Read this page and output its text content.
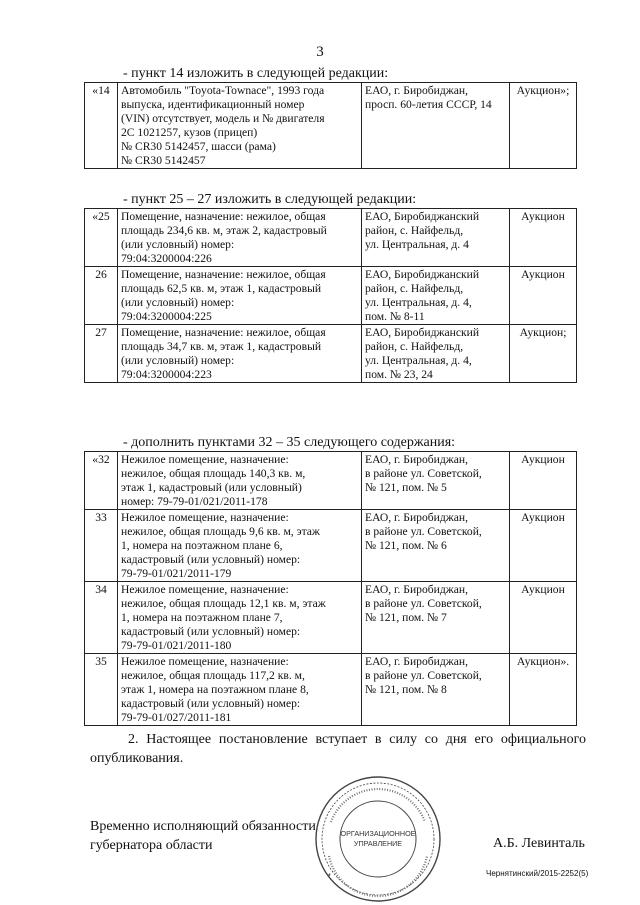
3
- пункт 14 изложить в следующей редакции:
«14	Автомобиль "Toyota-Townace", 1993 года
выпуска, идентификационный номер
(VIN) отсутствует, модель и № двигателя
2С 1021257, кузов (прицеп)
№ CR30 5142457, шасси (рама)
№ CR30 5142457

ЕАО, г. Биробиджан,
просп. 60-летия СССР, 14
	Аукцион»;
- пункт 25 – 27 изложить в следующей редакции:
«25	Помещение, назначение: нежилое, общая
площадь 234,6 кв. м, этаж 2, кадастровый
(или условный) номер:
79:04:3200004:226	ЕАО, Биробиджанский
район, с. Найфельд,
ул. Центральная, д. 4	Аукцион
26	Помещение, назначение: нежилое, общая
площадь 62,5 кв. м, этаж 1, кадастровый
(или условный) номер:
79:04:3200004:225	ЕАО, Биробиджанский
район, с. Найфельд,
ул. Центральная, д. 4,
пом. № 8-11	Аукцион
27	Помещение, назначение: нежилое, общая
площадь 34,7 кв. м, этаж 1, кадастровый
(или условный) номер:
79:04:3200004:223	ЕАО, Биробиджанский
район, с. Найфельд,
ул. Центральная, д. 4,
пом. № 23, 24	Аукцион;
- дополнить пунктами 32 – 35 следующего содержания:
«32	Нежилое помещение, назначение:
нежилое, общая площадь 140,3 кв. м,
этаж 1, кадастровый (или условный)
номер: 79-79-01/021/2011-178	ЕАО, г. Биробиджан,
в районе ул. Советской,
№ 121, пом. № 5	Аукцион
33	Нежилое помещение, назначение:
нежилое, общая площадь 9,6 кв. м, этаж
1, номера на поэтажном плане 6,
кадастровый (или условный) номер:
79-79-01/021/2011-179	ЕАО, г. Биробиджан,
в районе ул. Советской,
№ 121, пом. № 6	Аукцион
34	Нежилое помещение, назначение:
нежилое, общая площадь 12,1 кв. м, этаж
1, номера на поэтажном плане 7,
кадастровый (или условный) номер:
79-79-01/021/2011-180	ЕАО, г. Биробиджан,
в районе ул. Советской,
№ 121, пом. № 7	Аукцион
35	Нежилое помещение, назначение:
нежилое, общая площадь 117,2 кв. м,
этаж 1, номера на поэтажном плане 8,
кадастровый (или условный) номер:
79-79-01/027/2011-181	ЕАО, г. Биробиджан,
в районе ул. Советской,
№ 121, пом. № 8	Аукцион».
2. Настоящее постановление вступает в силу со дня его официального опубликования.
Временно исполняющий обязанности
губернатора области	А.Б. Левинталь
ОРГАНИЗАЦИОННОЕ
УПРАВЛЕНИЕ
Чернятинский/2015-2252(5)
